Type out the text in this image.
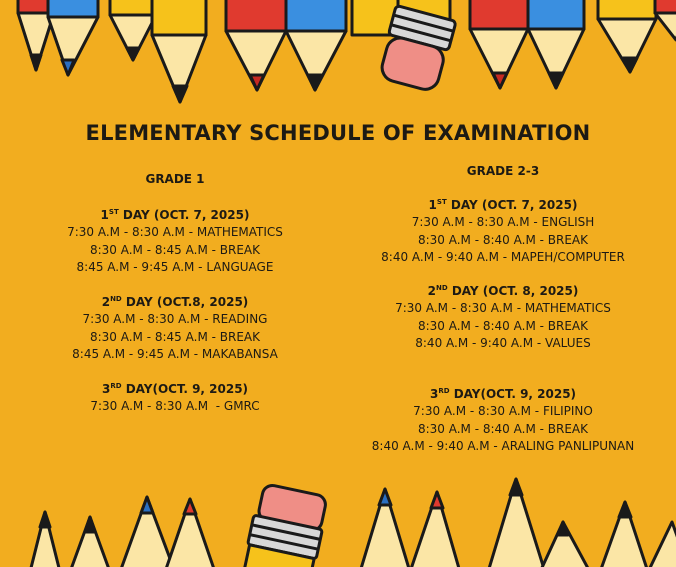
ELEMENTARY SCHEDULE OF EXAMINATION
GRADE 1
1ST DAY (OCT. 7, 2025)
7:30 A.M - 8:30 A.M - MATHEMATICS
8:30 A.M - 8:45 A.M - BREAK
8:45 A.M - 9:45 A.M - LANGUAGE
2ND DAY (OCT.8, 2025)
7:30 A.M - 8:30 A.M - READING
8:30 A.M - 8:45 A.M - BREAK
8:45 A.M - 9:45 A.M - MAKABANSA
3RD DAY(OCT. 9, 2025)
7:30 A.M - 8:30 A.M  - GMRC
GRADE 2-3
1ST DAY (OCT. 7, 2025)
7:30 A.M - 8:30 A.M - ENGLISH
8:30 A.M - 8:40 A.M - BREAK
8:40 A.M - 9:40 A.M - MAPEH/COMPUTER
2ND DAY (OCT. 8, 2025)
7:30 A.M - 8:30 A.M - MATHEMATICS
8:30 A.M - 8:40 A.M - BREAK
8:40 A.M - 9:40 A.M - VALUES
3RD DAY(OCT. 9, 2025)
7:30 A.M - 8:30 A.M - FILIPINO
8:30 A.M - 8:40 A.M - BREAK
8:40 A.M - 9:40 A.M - ARALING PANLIPUNAN
